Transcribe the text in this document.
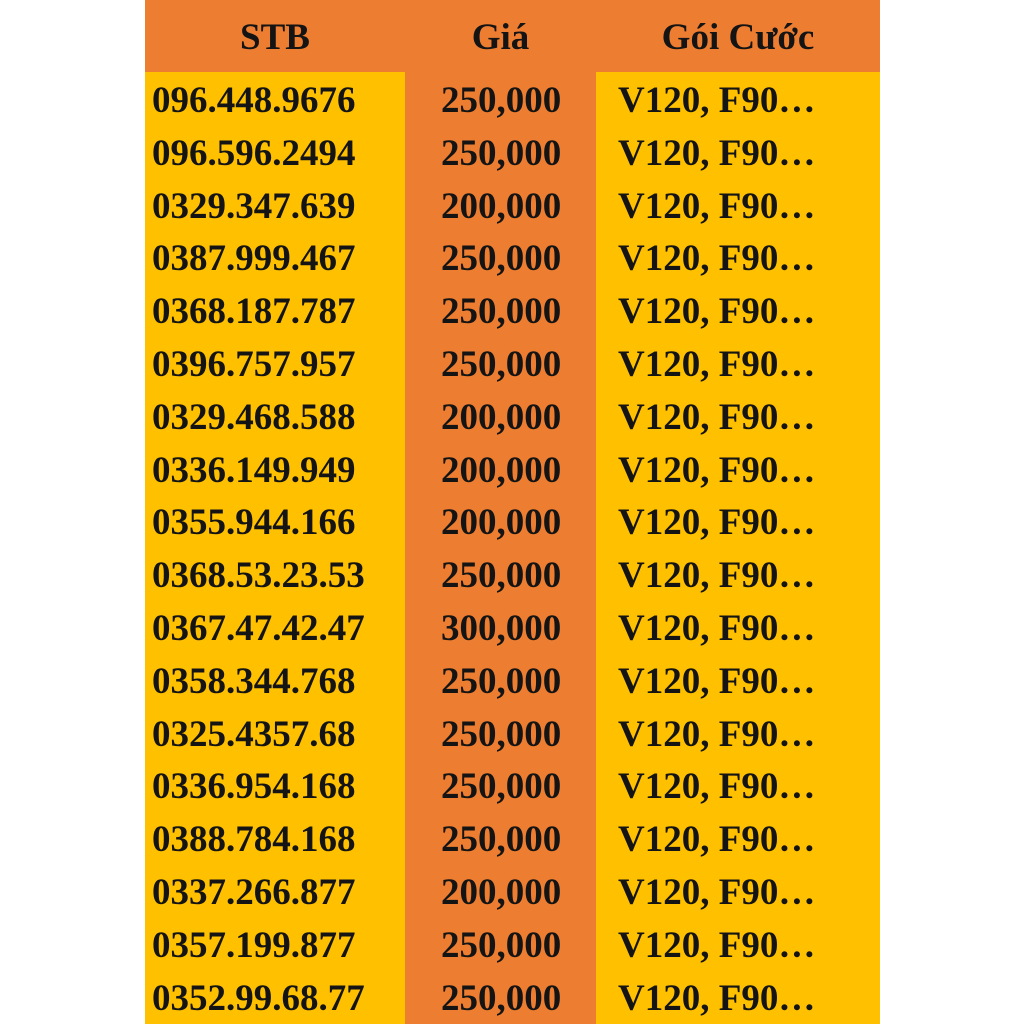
STB	Giá	Gói Cước
096.448.9676 250,000 V120, F90…
096.596.2494 250,000 V120, F90…
0329.347.639 200,000 V120, F90…
0387.999.467 250,000 V120, F90…
0368.187.787 250,000 V120, F90…
0396.757.957 250,000 V120, F90…
0329.468.588 200,000 V120, F90…
0336.149.949 200,000 V120, F90…
0355.944.166 200,000 V120, F90…
0368.53.23.53 250,000 V120, F90…
0367.47.42.47 300,000 V120, F90…
0358.344.768 250,000 V120, F90…
0325.4357.68 250,000 V120, F90…
0336.954.168 250,000 V120, F90…
0388.784.168 250,000 V120, F90…
0337.266.877 200,000 V120, F90…
0357.199.877 250,000 V120, F90…
0352.99.68.77 250,000 V120, F90…
